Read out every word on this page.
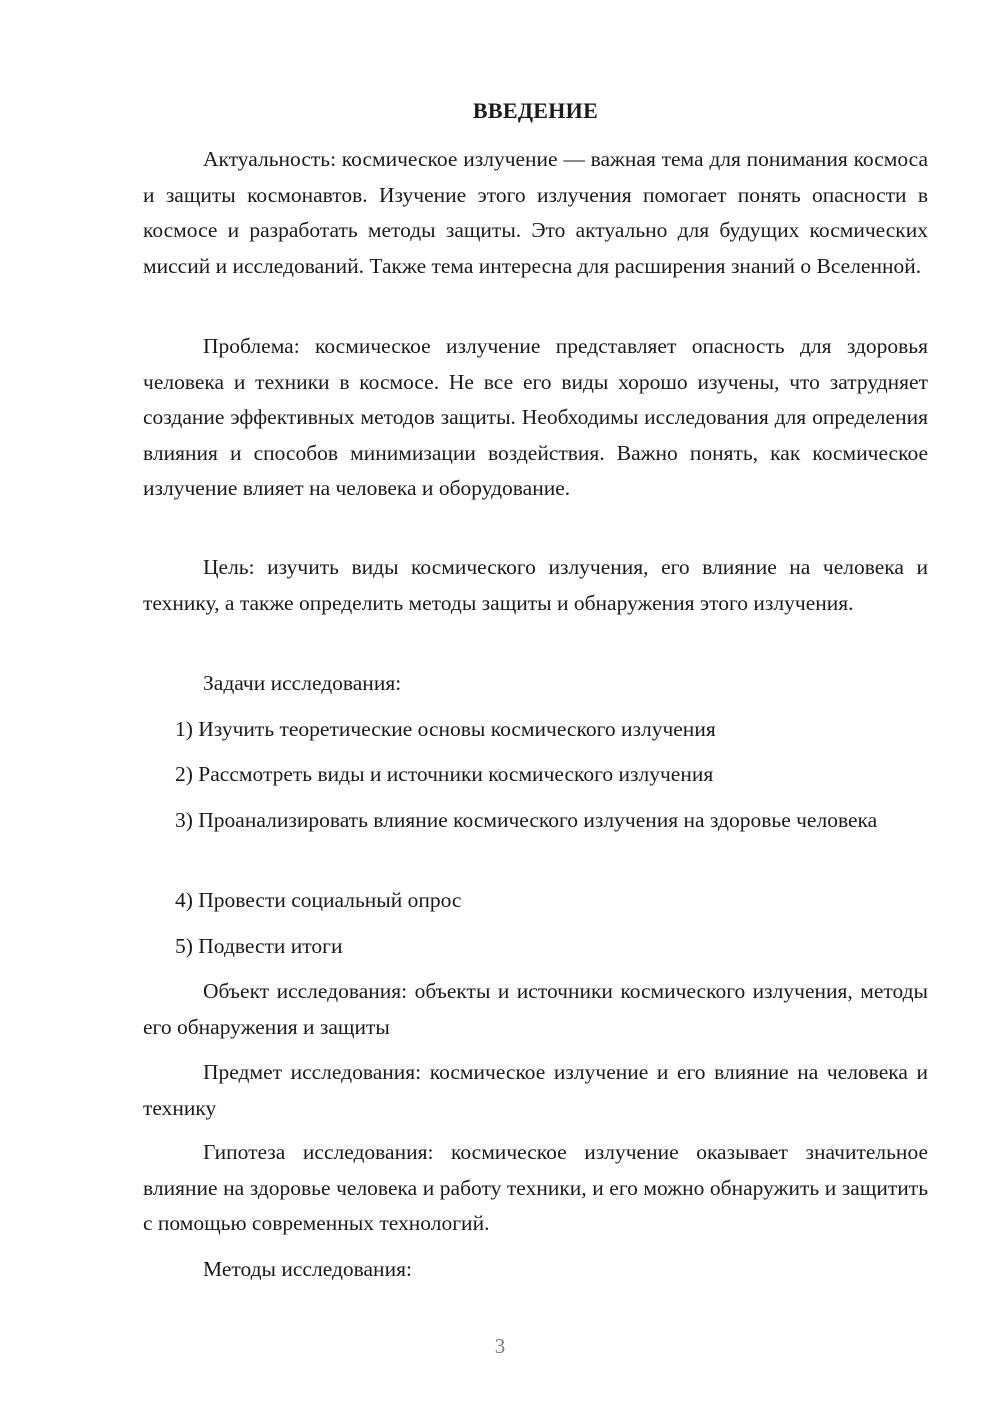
ВВЕДЕНИЕ

Актуальность: космическое излучение — важная тема для понимания космоса и защиты космонавтов. Изучение этого излучения помогает понять опасности в космосе и разработать методы защиты. Это актуально для будущих космических миссий и исследований. Также тема интересна для расширения знаний о Вселенной.

Проблема: космическое излучение представляет опасность для здоровья человека и техники в космосе. Не все его виды хорошо изучены, что затрудняет создание эффективных методов защиты. Необходимы исследования для определения влияния и способов минимизации воздействия. Важно понять, как космическое излучение влияет на человека и оборудование.

Цель: изучить виды космического излучения, его влияние на человека и технику, а также определить методы защиты и обнаружения этого излучения.

Задачи исследования:

1) Изучить теоретические основы космического излучения

2) Рассмотреть виды и источники космического излучения

3) Проанализировать влияние космического излучения на здоровье человека

4) Провести социальный опрос

5) Подвести итоги

Объект исследования: объекты и источники космического излучения, методы его обнаружения и защиты

Предмет исследования: космическое излучение и его влияние на человека и технику

Гипотеза исследования: космическое излучение оказывает значительное влияние на здоровье человека и работу техники, и его можно обнаружить и защитить с помощью современных технологий.

Методы исследования:

3
